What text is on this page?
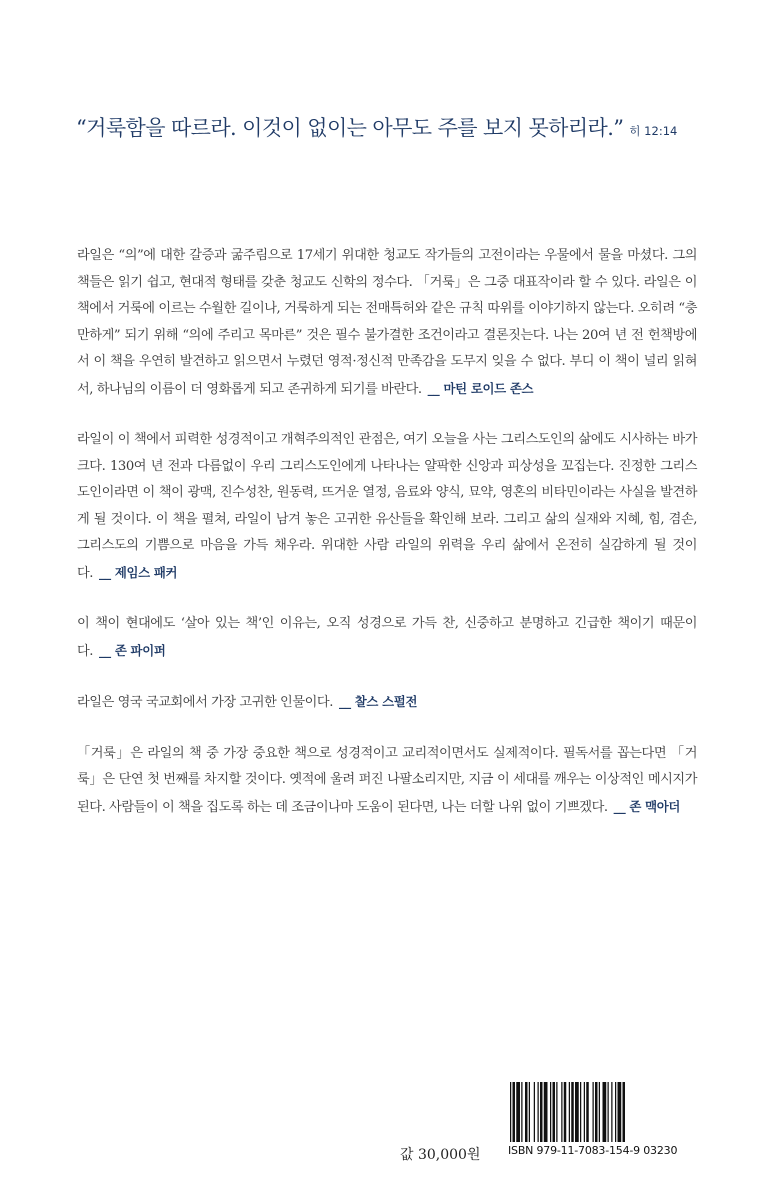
“거룩함을 따르라. 이것이 없이는 아무도 주를 보지 못하리라.” 히 12:14

라일은 “의”에 대한 갈증과 굶주림으로 17세기 위대한 청교도 작가들의 고전이라는 우물에서 물을 마셨다. 그의 책들은 읽기 쉽고, 현대적 형태를 갖춘 청교도 신학의 정수다. 「거룩」은 그중 대표작이라 할 수 있다. 라일은 이 책에서 거룩에 이르는 수월한 길이나, 거룩하게 되는 전매특허와 같은 규칙 따위를 이야기하지 않는다. 오히려 “충만하게” 되기 위해 “의에 주리고 목마른” 것은 필수 불가결한 조건이라고 결론짓는다. 나는 20여 년 전 헌책방에서 이 책을 우연히 발견하고 읽으면서 누렸던 영적·정신적 만족감을 도무지 잊을 수 없다. 부디 이 책이 널리 읽혀서, 하나님의 이름이 더 영화롭게 되고 존귀하게 되기를 바란다. __ 마틴 로이드 존스

라일이 이 책에서 피력한 성경적이고 개혁주의적인 관점은, 여기 오늘을 사는 그리스도인의 삶에도 시사하는 바가 크다. 130여 년 전과 다름없이 우리 그리스도인에게 나타나는 얄팍한 신앙과 피상성을 꼬집는다. 진정한 그리스도인이라면 이 책이 광맥, 진수성찬, 원동력, 뜨거운 열정, 음료와 양식, 묘약, 영혼의 비타민이라는 사실을 발견하게 될 것이다. 이 책을 펼쳐, 라일이 남겨 놓은 고귀한 유산들을 확인해 보라. 그리고 삶의 실재와 지혜, 힘, 겸손, 그리스도의 기쁨으로 마음을 가득 채우라. 위대한 사람 라일의 위력을 우리 삶에서 온전히 실감하게 될 것이다. __ 제임스 패커

이 책이 현대에도 ‘살아 있는 책’인 이유는, 오직 성경으로 가득 찬, 신중하고 분명하고 긴급한 책이기 때문이다. __ 존 파이퍼

라일은 영국 국교회에서 가장 고귀한 인물이다. __ 찰스 스펄전

「거룩」은 라일의 책 중 가장 중요한 책으로 성경적이고 교리적이면서도 실제적이다. 필독서를 꼽는다면 「거룩」은 단연 첫 번째를 차지할 것이다. 옛적에 울려 퍼진 나팔소리지만, 지금 이 세대를 깨우는 이상적인 메시지가 된다. 사람들이 이 책을 집도록 하는 데 조금이나마 도움이 된다면, 나는 더할 나위 없이 기쁘겠다. __ 존 맥아더

값 30,000원	ISBN 979-11-7083-154-9 03230
